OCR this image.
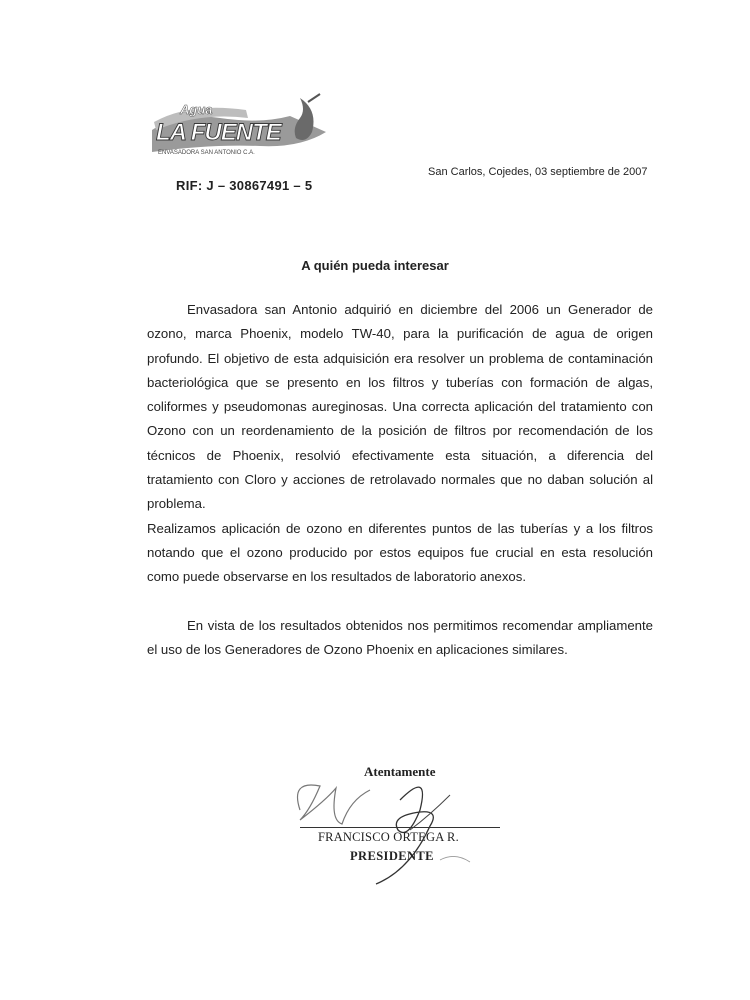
Agua
LA FUENTE
ENVASADORA SAN ANTONIO C.A.
RIF: J – 30867491 – 5
San Carlos, Cojedes, 03 septiembre de 2007
A quién pueda interesar

Envasadora san Antonio adquirió en diciembre del 2006 un Generador de ozono, marca Phoenix, modelo TW-40, para la purificación de agua de origen profundo. El objetivo de esta adquisición era resolver un problema de contaminación bacteriológica que se presento en los filtros y tuberías con formación de algas, coliformes y pseudomonas aureginosas. Una correcta aplicación del tratamiento con Ozono con un reordenamiento de la posición de filtros por recomendación de los técnicos de Phoenix, resolvió efectivamente esta situación, a diferencia del tratamiento con Cloro y acciones de retrolavado normales que no daban solución al problema.

Realizamos aplicación de ozono en diferentes puntos de las tuberías y a los filtros notando que el ozono producido por estos equipos fue crucial en esta resolución como puede observarse en los resultados de laboratorio anexos.

En vista de los resultados obtenidos nos permitimos recomendar ampliamente el uso de los Generadores de Ozono Phoenix en aplicaciones similares.

Atentamente
FRANCISCO ORTEGA R.
PRESIDENTE
